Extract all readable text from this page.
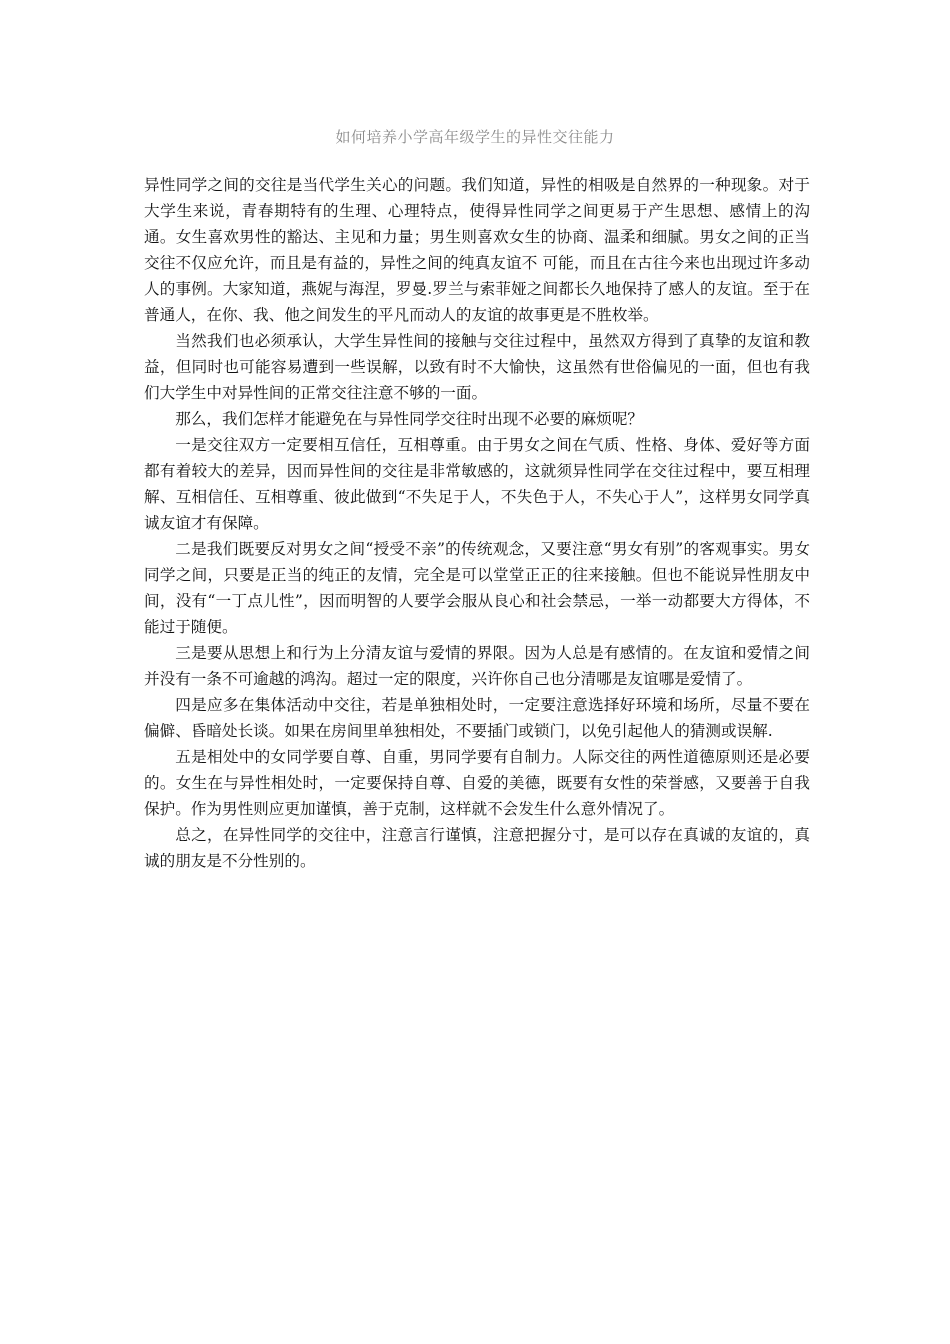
如何培养小学高年级学生的异性交往能力

异性同学之间的交往是当代学生关心的问题。我们知道，异性的相吸是自然界的一种现象。对于大学生来说，青春期特有的生理、心理特点，使得异性同学之间更易于产生思想、感情上的沟通。女生喜欢男性的豁达、主见和力量；男生则喜欢女生的协商、温柔和细腻。男女之间的正当交往不仅应允许，而且是有益的，异性之间的纯真友谊不 可能，而且在古往今来也出现过许多动人的事例。大家知道，燕妮与海涅，罗曼.罗兰与索菲娅之间都长久地保持了感人的友谊。至于在普通人，在你、我、他之间发生的平凡而动人的友谊的故事更是不胜枚举。

当然我们也必须承认，大学生异性间的接触与交往过程中，虽然双方得到了真挚的友谊和教益，但同时也可能容易遭到一些误解，以致有时不大愉快，这虽然有世俗偏见的一面，但也有我们大学生中对异性间的正常交往注意不够的一面。

那么，我们怎样才能避免在与异性同学交往时出现不必要的麻烦呢？

一是交往双方一定要相互信任，互相尊重。由于男女之间在气质、性格、身体、爱好等方面都有着较大的差异，因而异性间的交往是非常敏感的，这就须异性同学在交往过程中，要互相理解、互相信任、互相尊重、彼此做到“不失足于人，不失色于人，不失心于人”，这样男女同学真诚友谊才有保障。

二是我们既要反对男女之间“授受不亲”的传统观念，又要注意“男女有别”的客观事实。男女同学之间，只要是正当的纯正的友情，完全是可以堂堂正正的往来接触。但也不能说异性朋友中间，没有“一丁点儿性”，因而明智的人要学会服从良心和社会禁忌，一举一动都要大方得体，不能过于随便。

三是要从思想上和行为上分清友谊与爱情的界限。因为人总是有感情的。在友谊和爱情之间并没有一条不可逾越的鸿沟。超过一定的限度，兴许你自己也分清哪是友谊哪是爱情了。

四是应多在集体活动中交往，若是单独相处时，一定要注意选择好环境和场所，尽量不要在偏僻、昏暗处长谈。如果在房间里单独相处，不要插门或锁门，以免引起他人的猜测或误解.

五是相处中的女同学要自尊、自重，男同学要有自制力。人际交往的两性道德原则还是必要的。女生在与异性相处时，一定要保持自尊、自爱的美德，既要有女性的荣誉感，又要善于自我保护。作为男性则应更加谨慎，善于克制，这样就不会发生什么意外情况了。

总之，在异性同学的交往中，注意言行谨慎，注意把握分寸，是可以存在真诚的友谊的，真诚的朋友是不分性别的。
